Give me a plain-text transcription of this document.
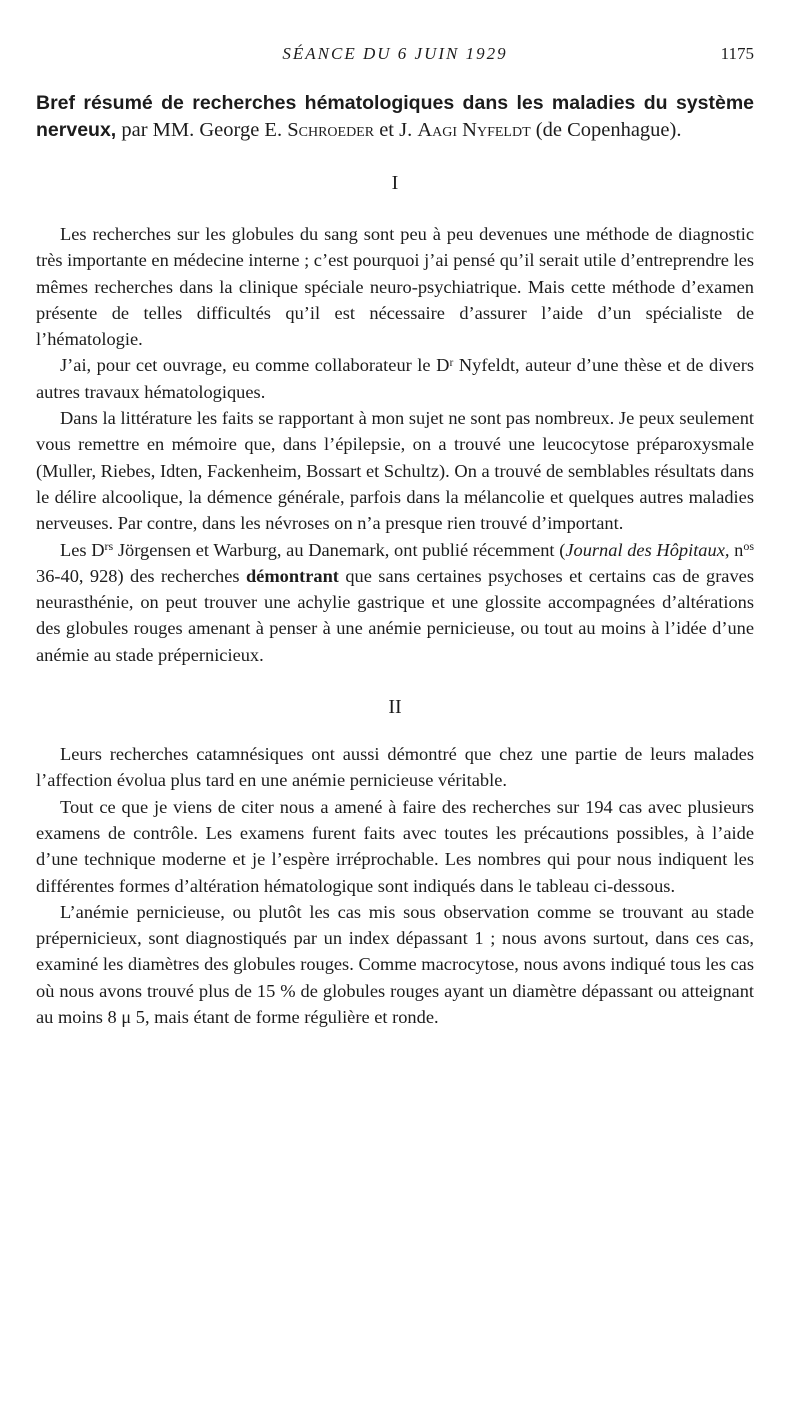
SÉANCE DU 6 JUIN 1929	1175
Bref résumé de recherches hématologiques dans les maladies du système nerveux, par MM. George E. Schroeder et J. Aagi Nyfeldt (de Copenhague).
I

Les recherches sur les globules du sang sont peu à peu devenues une méthode de diagnostic très importante en médecine interne ; c’est pourquoi j’ai pensé qu’il serait utile d’entreprendre les mêmes recherches dans la clinique spéciale neuro-psychiatrique. Mais cette méthode d’examen présente de telles difficultés qu’il est nécessaire d’assurer l’aide d’un spécialiste de l’hématologie.

J’ai, pour cet ouvrage, eu comme collaborateur le Dʳ Nyfeldt, auteur d’une thèse et de divers autres travaux hématologiques.

Dans la littérature les faits se rapportant à mon sujet ne sont pas nombreux. Je peux seulement vous remettre en mémoire que, dans l’épilepsie, on a trouvé une leucocytose préparoxysmale (Muller, Riebes, Idten, Fackenheim, Bossart et Schultz). On a trouvé de semblables résultats dans le délire alcoolique, la démence générale, parfois dans la mélancolie et quelques autres maladies nerveuses. Par contre, dans les névroses on n’a presque rien trouvé d’important.

Les $D^{rs}$ Jörgensen et Warburg, au Danemark, ont publié récemment (Journal des Hôpitaux, $n^{os}$ 36-40, 928) des recherches démontrant que sans certaines psychoses et certains cas de graves neurasthénie, on peut trouver une achylie gastrique et une glossite accompagnées d’altérations des globules rouges amenant à penser à une anémie pernicieuse, ou tout au moins à l’idée d’une anémie au stade prépernicieux.

II

Leurs recherches catamnésiques ont aussi démontré que chez une partie de leurs malades l’affection évolua plus tard en une anémie pernicieuse véritable.

Tout ce que je viens de citer nous a amené à faire des recherches sur 194 cas avec plusieurs examens de contrôle. Les examens furent faits avec toutes les précautions possibles, à l’aide d’une technique moderne et je l’espère irréprochable. Les nombres qui pour nous indiquent les différentes formes d’altération hématologique sont indiqués dans le tableau ci-dessous.

L’anémie pernicieuse, ou plutôt les cas mis sous observation comme se trouvant au stade prépernicieux, sont diagnostiqués par un index dépassant 1 ; nous avons surtout, dans ces cas, examiné les diamètres des globules rouges. Comme macrocytose, nous avons indiqué tous les cas où nous avons trouvé plus de 15 % de globules rouges ayant un diamètre dépassant ou atteignant au moins 8 μ 5, mais étant de forme régulière et ronde.
